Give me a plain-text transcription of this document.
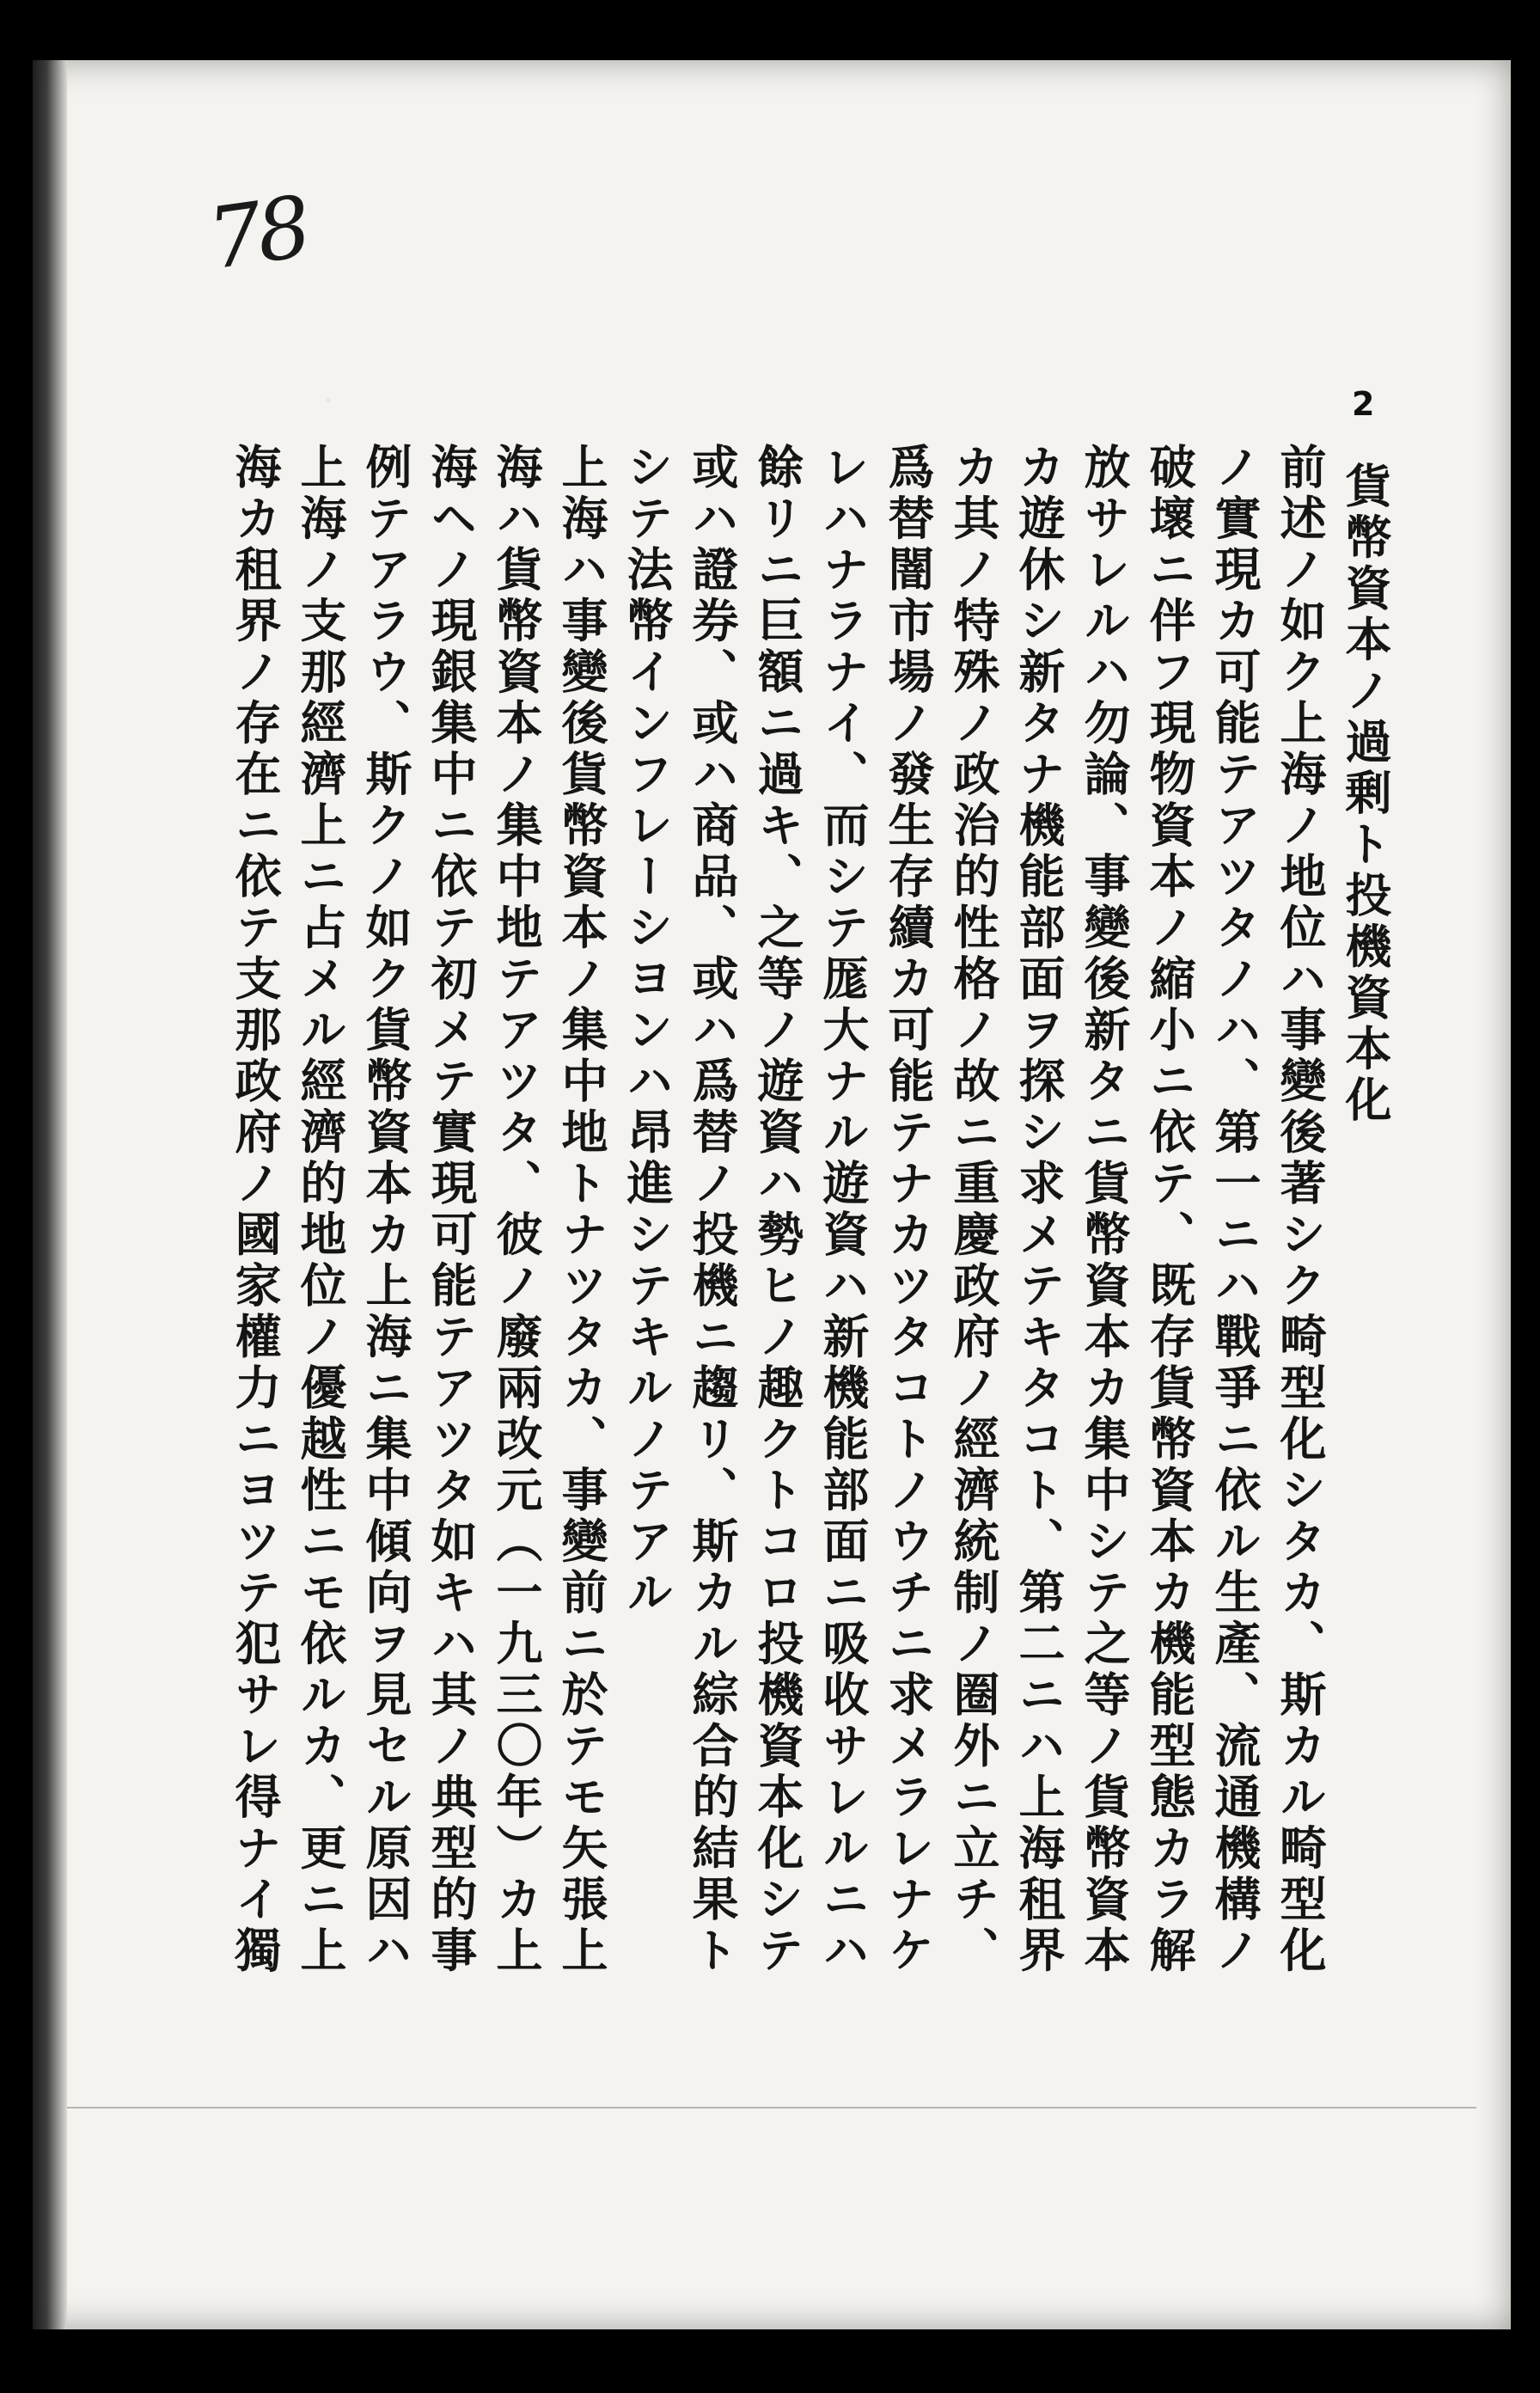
78
2
貨幣資本ノ過剰ト投機資本化
前述ノ如ク上海ノ地位ハ事變後著シク畸型化シタカ、斯カル畸型化
ノ實現カ可能テアツタノハ、第一ニハ戰爭ニ依ル生產、流通機構ノ
破壞ニ伴フ現物資本ノ縮小ニ依テ、既存貨幣資本カ機能型態カラ解
放サレルハ勿論、事變後新タニ貨幣資本カ集中シテ之等ノ貨幣資本
カ遊休シ新タナ機能部面ヲ探シ求メテキタコト、第二ニハ上海租界
カ其ノ特殊ノ政治的性格ノ故ニ重慶政府ノ經濟統制ノ圈外ニ立チ、
爲替闇市場ノ發生存續カ可能テナカツタコトノウチニ求メラレナケ
レハナラナイ、而シテ厖大ナル遊資ハ新機能部面ニ吸收サレルニハ
餘リニ巨額ニ過キ、之等ノ遊資ハ勢ヒノ趣クトコロ投機資本化シテ
或ハ證券、或ハ商品、或ハ爲替ノ投機ニ趨リ、斯カル綜合的結果ト
シテ法幣インフレーシヨンハ昂進シテキルノテアル
上海ハ事變後貨幣資本ノ集中地トナツタカ、事變前ニ於テモ矢張上
海ハ貨幣資本ノ集中地テアツタ、彼ノ廢兩改元（一九三〇年）カ上
海ヘノ現銀集中ニ依テ初メテ實現可能テアツタ如キハ其ノ典型的事
例テアラウ、斯クノ如ク貨幣資本カ上海ニ集中傾向ヲ見セル原因ハ
上海ノ支那經濟上ニ占メル經濟的地位ノ優越性ニモ依ルカ、更ニ上
海カ租界ノ存在ニ依テ支那政府ノ國家權力ニヨツテ犯サレ得ナイ獨
